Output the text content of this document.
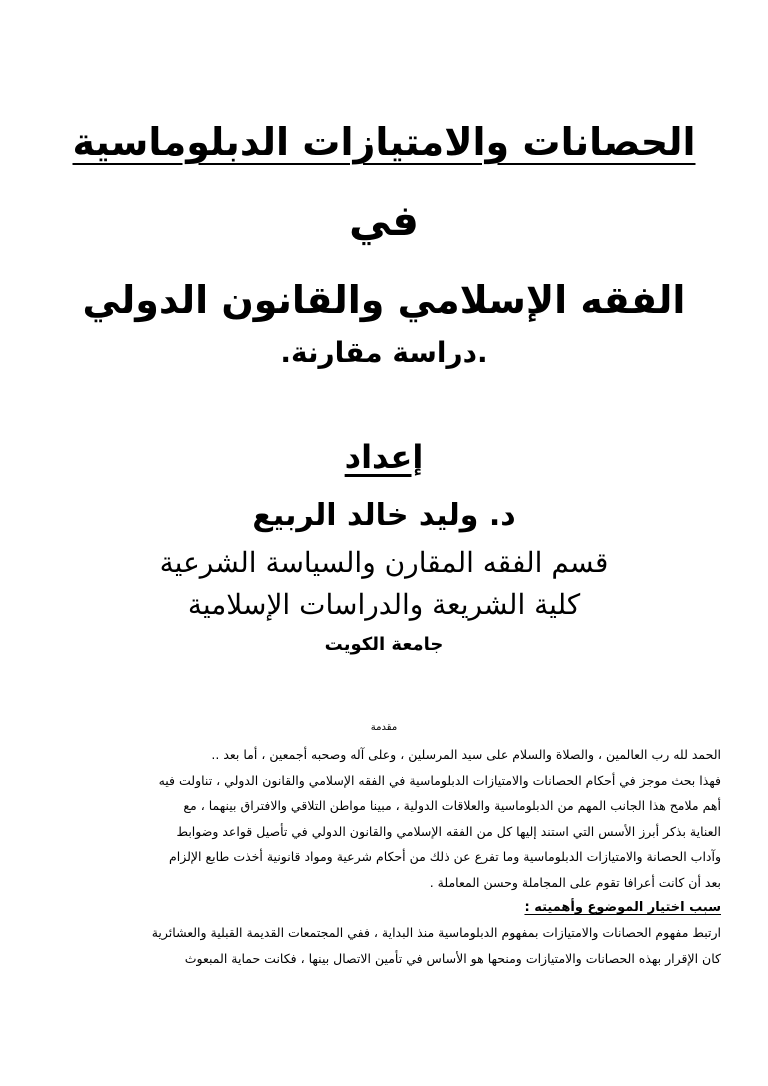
الحصانات والامتيازات الدبلوماسية
في
الفقه الإسلامي والقانون الدولي
.دراسة مقارنة.
إعداد
د. وليد خالد الربيع
قسم الفقه المقارن والسياسة الشرعية
كلية الشريعة والدراسات الإسلامية
جامعة الكويت
مقدمة
الحمد لله رب العالمين ، والصلاة والسلام على سيد المرسلين ، وعلى آله وصحبه أجمعين ، أما بعد ..
فهذا بحث موجز في أحكام الحصانات والامتيازات الدبلوماسية في الفقه الإسلامي والقانون الدولي ، تناولت فيه
أهم ملامح هذا الجانب المهم من الدبلوماسية والعلاقات الدولية ، مبينا مواطن التلاقي والافتراق بينهما ، مع
العناية بذكر أبرز الأسس التي استند إليها كل من الفقه الإسلامي والقانون الدولي في تأصيل قواعد وضوابط
وآداب الحصانة والامتيازات الدبلوماسية وما تفرع عن ذلك من أحكام شرعية ومواد قانونية أخذت طابع الإلزام
بعد أن كانت أعرافا تقوم على المجاملة وحسن المعاملة .
سبب اختيار الموضوع وأهميته :
ارتبط مفهوم الحصانات والامتيازات بمفهوم الدبلوماسية منذ البداية ، ففي المجتمعات القديمة القبلية والعشائرية
كان الإقرار بهذه الحصانات والامتيازات ومنحها هو الأساس في تأمين الاتصال بينها ، فكانت حماية المبعوث
